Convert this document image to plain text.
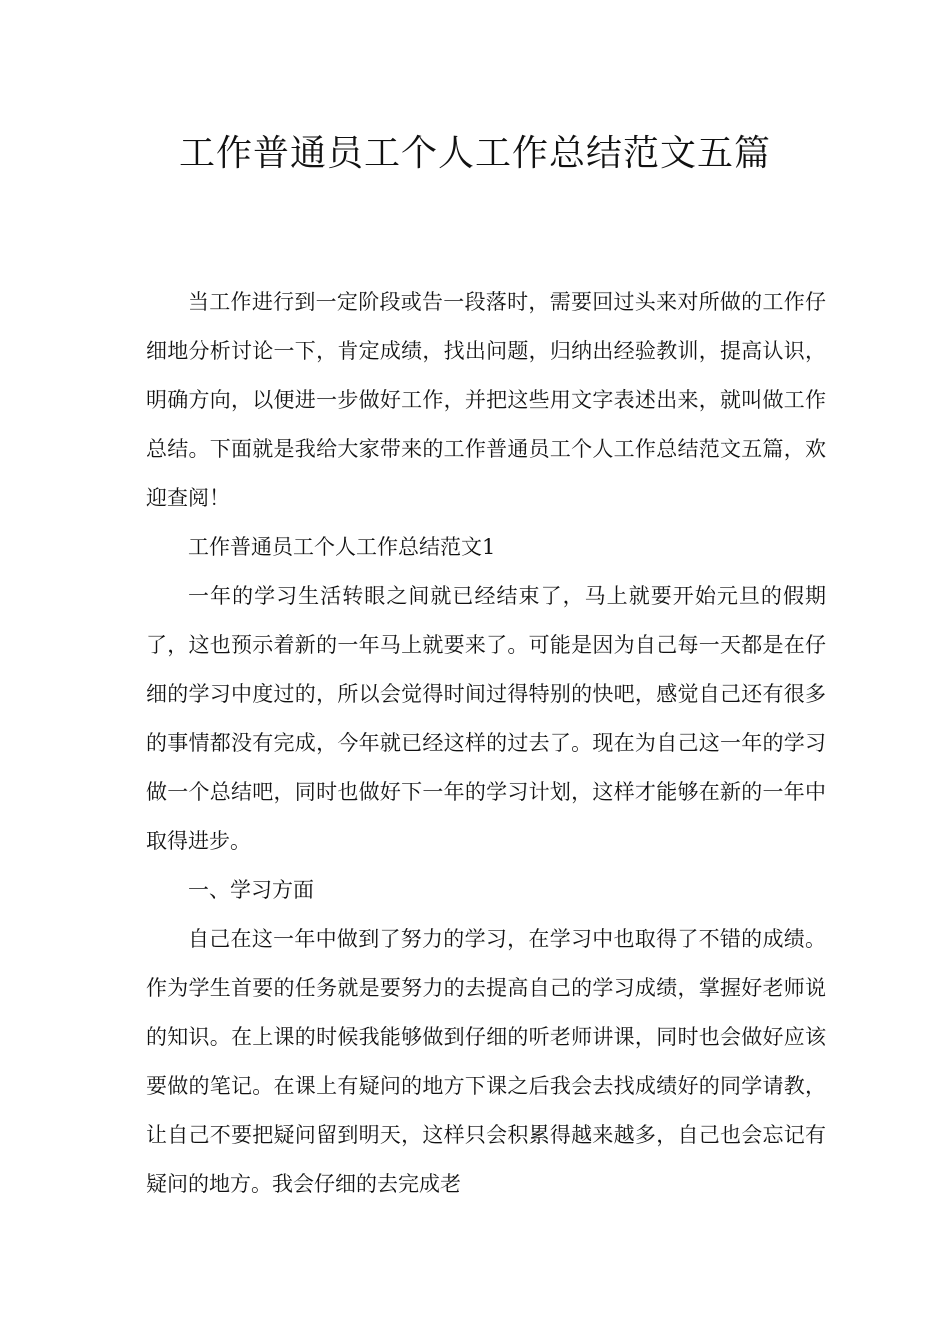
工作普通员工个人工作总结范文五篇

当工作进行到一定阶段或告一段落时，需要回过头来对所做的工作仔细地分析讨论一下，肯定成绩，找出问题，归纳出经验教训，提高认识，明确方向，以便进一步做好工作，并把这些用文字表述出来，就叫做工作总结。下面就是我给大家带来的工作普通员工个人工作总结范文五篇，欢迎查阅！

工作普通员工个人工作总结范文1

一年的学习生活转眼之间就已经结束了，马上就要开始元旦的假期了，这也预示着新的一年马上就要来了。可能是因为自己每一天都是在仔细的学习中度过的，所以会觉得时间过得特别的快吧，感觉自己还有很多的事情都没有完成，今年就已经这样的过去了。现在为自己这一年的学习做一个总结吧，同时也做好下一年的学习计划，这样才能够在新的一年中取得进步。

一、学习方面

自己在这一年中做到了努力的学习，在学习中也取得了不错的成绩。作为学生首要的任务就是要努力的去提高自己的学习成绩，掌握好老师说的知识。在上课的时候我能够做到仔细的听老师讲课，同时也会做好应该要做的笔记。在课上有疑问的地方下课之后我会去找成绩好的同学请教，让自己不要把疑问留到明天，这样只会积累得越来越多，自己也会忘记有疑问的地方。我会仔细的去完成老
